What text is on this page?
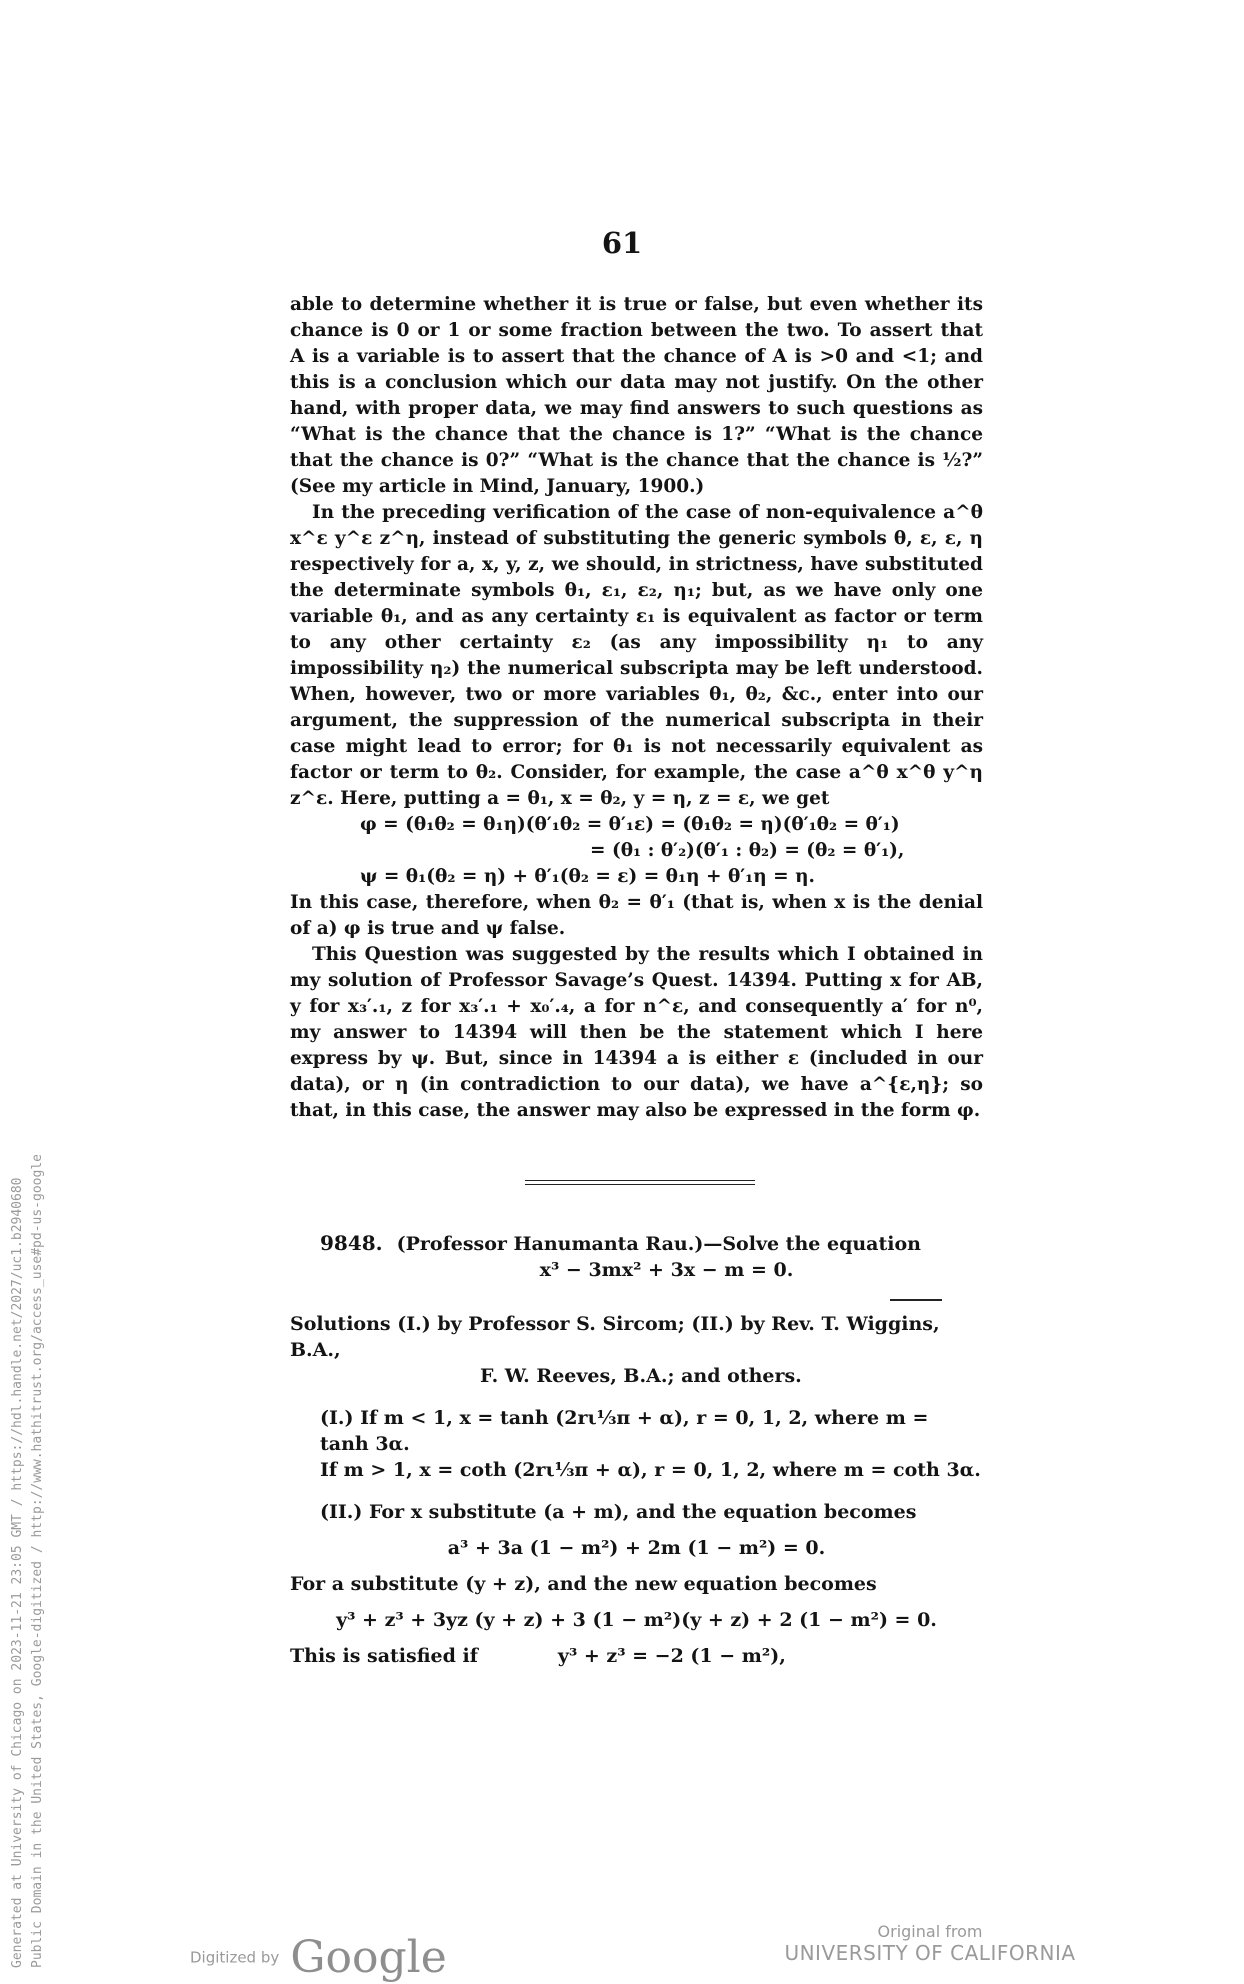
61

able to determine whether it is true or false, but even whether its chance is 0 or 1 or some fraction between the two. To assert that A is a variable is to assert that the chance of A is >0 and <1; and this is a conclusion which our data may not justify. On the other hand, with proper data, we may find answers to such questions as “What is the chance that the chance is 1?” “What is the chance that the chance is 0?” “What is the chance that the chance is ½?” (See my article in Mind, January, 1900.)

In the preceding verification of the case of non-equivalence a^θ x^ε y^ε z^η, instead of substituting the generic symbols θ, ε, ε, η respectively for a, x, y, z, we should, in strictness, have substituted the determinate symbols θ₁, ε₁, ε₂, η₁; but, as we have only one variable θ₁, and as any certainty ε₁ is equivalent as factor or term to any other certainty ε₂ (as any impossibility η₁ to any impossibility η₂) the numerical subscripta may be left understood. When, however, two or more variables θ₁, θ₂, &c., enter into our argument, the suppression of the numerical subscripta in their case might lead to error; for θ₁ is not necessarily equivalent as factor or term to θ₂. Consider, for example, the case a^θ x^θ y^η z^ε. Here, putting a = θ₁, x = θ₂, y = η, z = ε, we get

φ = (θ₁θ₂ = θ₁η)(θ′₁θ₂ = θ′₁ε) = (θ₁θ₂ = η)(θ′₁θ₂ = θ′₁)

= (θ₁ : θ′₂)(θ′₁ : θ₂) = (θ₂ = θ′₁),

ψ = θ₁(θ₂ = η) + θ′₁(θ₂ = ε) = θ₁η + θ′₁η = η.

In this case, therefore, when θ₂ = θ′₁ (that is, when x is the denial of a) φ is true and ψ false.

This Question was suggested by the results which I obtained in my solution of Professor Savage’s Quest. 14394. Putting x for AB, y for x₃′.₁, z for x₃′.₁ + x₀′.₄, a for n^ε, and consequently a′ for n⁰, my answer to 14394 will then be the statement which I here express by ψ. But, since in 14394 a is either ε (included in our data), or η (in contradiction to our data), we have a^{ε,η}; so that, in this case, the answer may also be expressed in the form φ.

9848. (Professor Hanumanta Rau.)—Solve the equation

x³ − 3mx² + 3x − m = 0.

Solutions (I.) by Professor S. Sircom; (II.) by Rev. T. Wiggins, B.A.,

F. W. Reeves, B.A.; and others.

(I.) If m < 1, x = tanh (2rι⅓π + α), r = 0, 1, 2, where m = tanh 3α.

If m > 1, x = coth (2rι⅓π + α), r = 0, 1, 2, where m = coth 3α.

(II.) For x substitute (a + m), and the equation becomes

a³ + 3a (1 − m²) + 2m (1 − m²) = 0.

For a substitute (y + z), and the new equation becomes

y³ + z³ + 3yz (y + z) + 3 (1 − m²)(y + z) + 2 (1 − m²) = 0.

This is satisfied if	y³ + z³ = −2 (1 − m²),

Generated at University of Chicago on 2023-11-21 23:05 GMT / https://hdl.handle.net/2027/uc1.b2940680 Public Domain in the United States, Google-digitized / http://www.hathitrust.org/access_use#pd-us-google	Digitized by Google
Original from
UNIVERSITY OF CALIFORNIA
